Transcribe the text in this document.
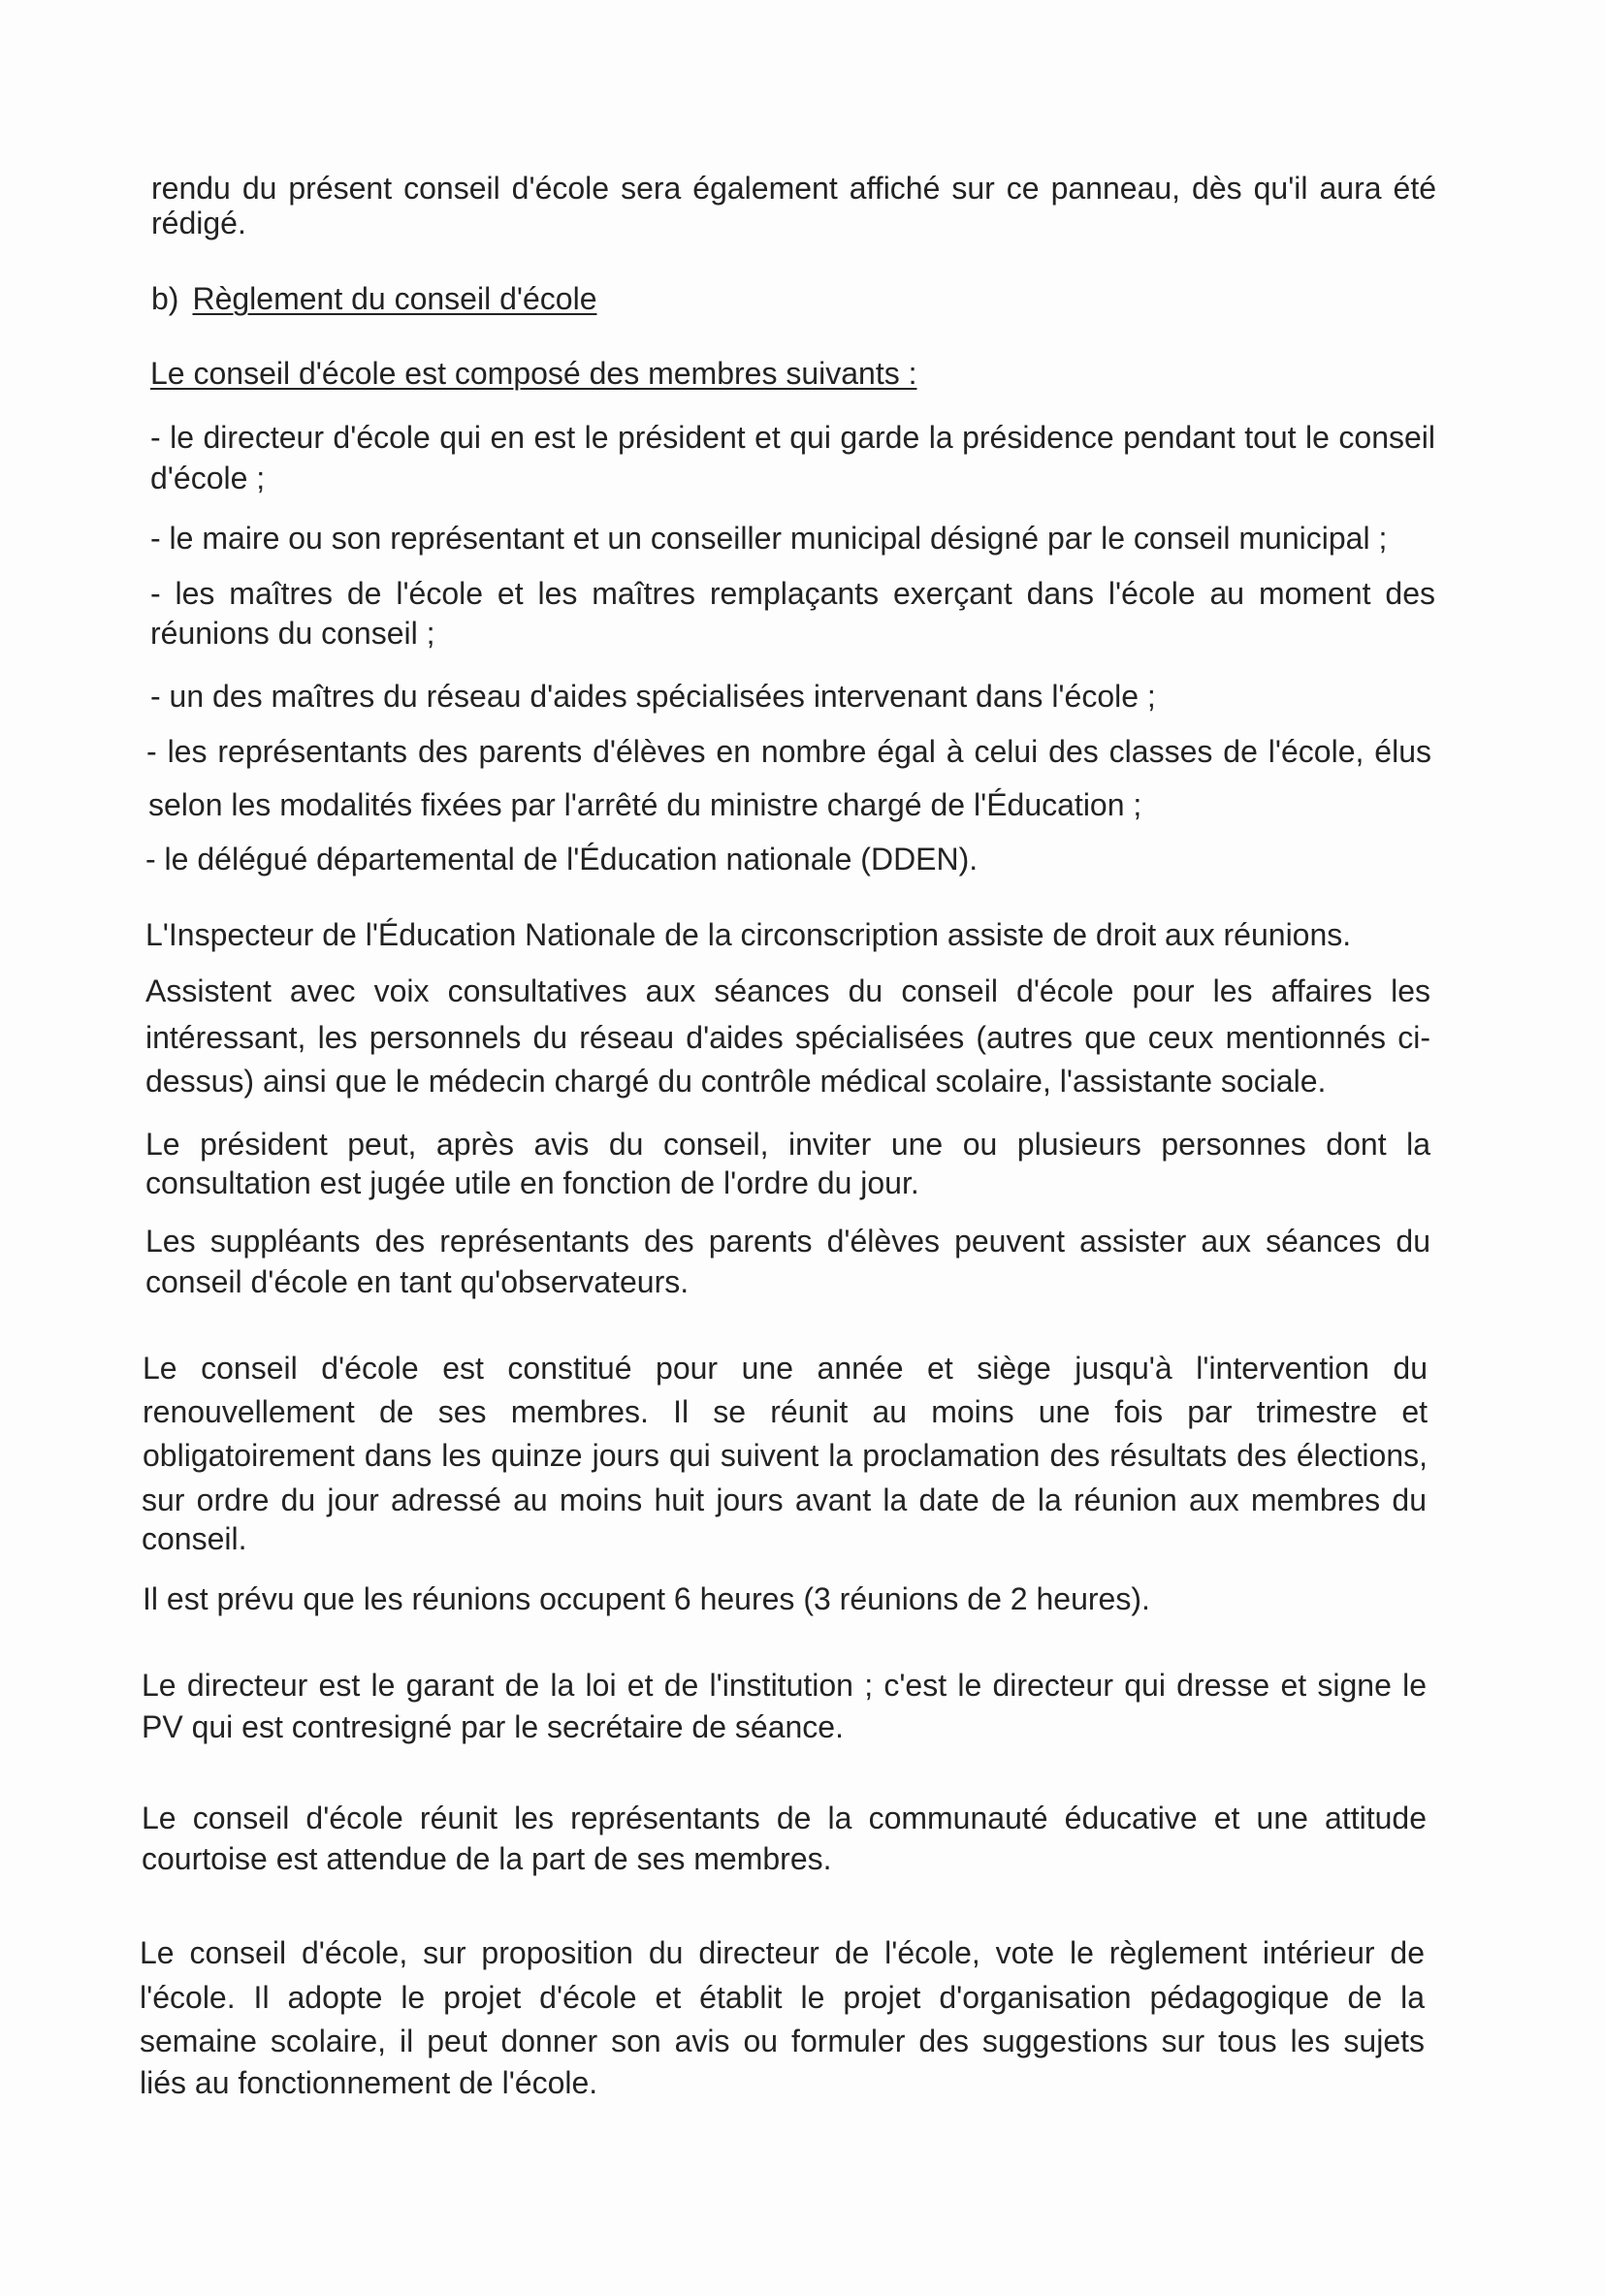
rendu du présent conseil d'école sera également affiché sur ce panneau, dès qu'il aura été
rédigé.
b) Règlement du conseil d'école
Le conseil d'école est composé des membres suivants :
- le directeur d'école qui en est le président et qui garde la présidence pendant tout le conseil
d'école ;
- le maire ou son représentant et un conseiller municipal désigné par le conseil municipal ;
- les maîtres de l'école et les maîtres remplaçants exerçant dans l'école au moment des
réunions du conseil ;
- un des maîtres du réseau d'aides spécialisées intervenant dans l'école ;
- les représentants des parents d'élèves en nombre égal à celui des classes de l'école, élus
selon les modalités fixées par l'arrêté du ministre chargé de l'Éducation ;
- le délégué départemental de l'Éducation nationale (DDEN).
L'Inspecteur de l'Éducation Nationale de la circonscription assiste de droit aux réunions.
Assistent avec voix consultatives aux séances du conseil d'école pour les affaires les
intéressant, les personnels du réseau d'aides spécialisées (autres que ceux mentionnés ci-
dessus) ainsi que le médecin chargé du contrôle médical scolaire, l'assistante sociale.
Le président peut, après avis du conseil, inviter une ou plusieurs personnes dont la
consultation est jugée utile en fonction de l'ordre du jour.
Les suppléants des représentants des parents d'élèves peuvent assister aux séances du
conseil d'école en tant qu'observateurs.
Le conseil d'école est constitué pour une année et siège jusqu'à l'intervention du
renouvellement de ses membres. Il se réunit au moins une fois par trimestre et
obligatoirement dans les quinze jours qui suivent la proclamation des résultats des élections,
sur ordre du jour adressé au moins huit jours avant la date de la réunion aux membres du
conseil.
Il est prévu que les réunions occupent 6 heures (3 réunions de 2 heures).
Le directeur est le garant de la loi et de l'institution ; c'est le directeur qui dresse et signe le
PV qui est contresigné par le secrétaire de séance.
Le conseil d'école réunit les représentants de la communauté éducative et une attitude
courtoise est attendue de la part de ses membres.
Le conseil d'école, sur proposition du directeur de l'école, vote le règlement intérieur de
l'école. Il adopte le projet d'école et établit le projet d'organisation pédagogique de la
semaine scolaire, il peut donner son avis ou formuler des suggestions sur tous les sujets
liés au fonctionnement de l'école.
